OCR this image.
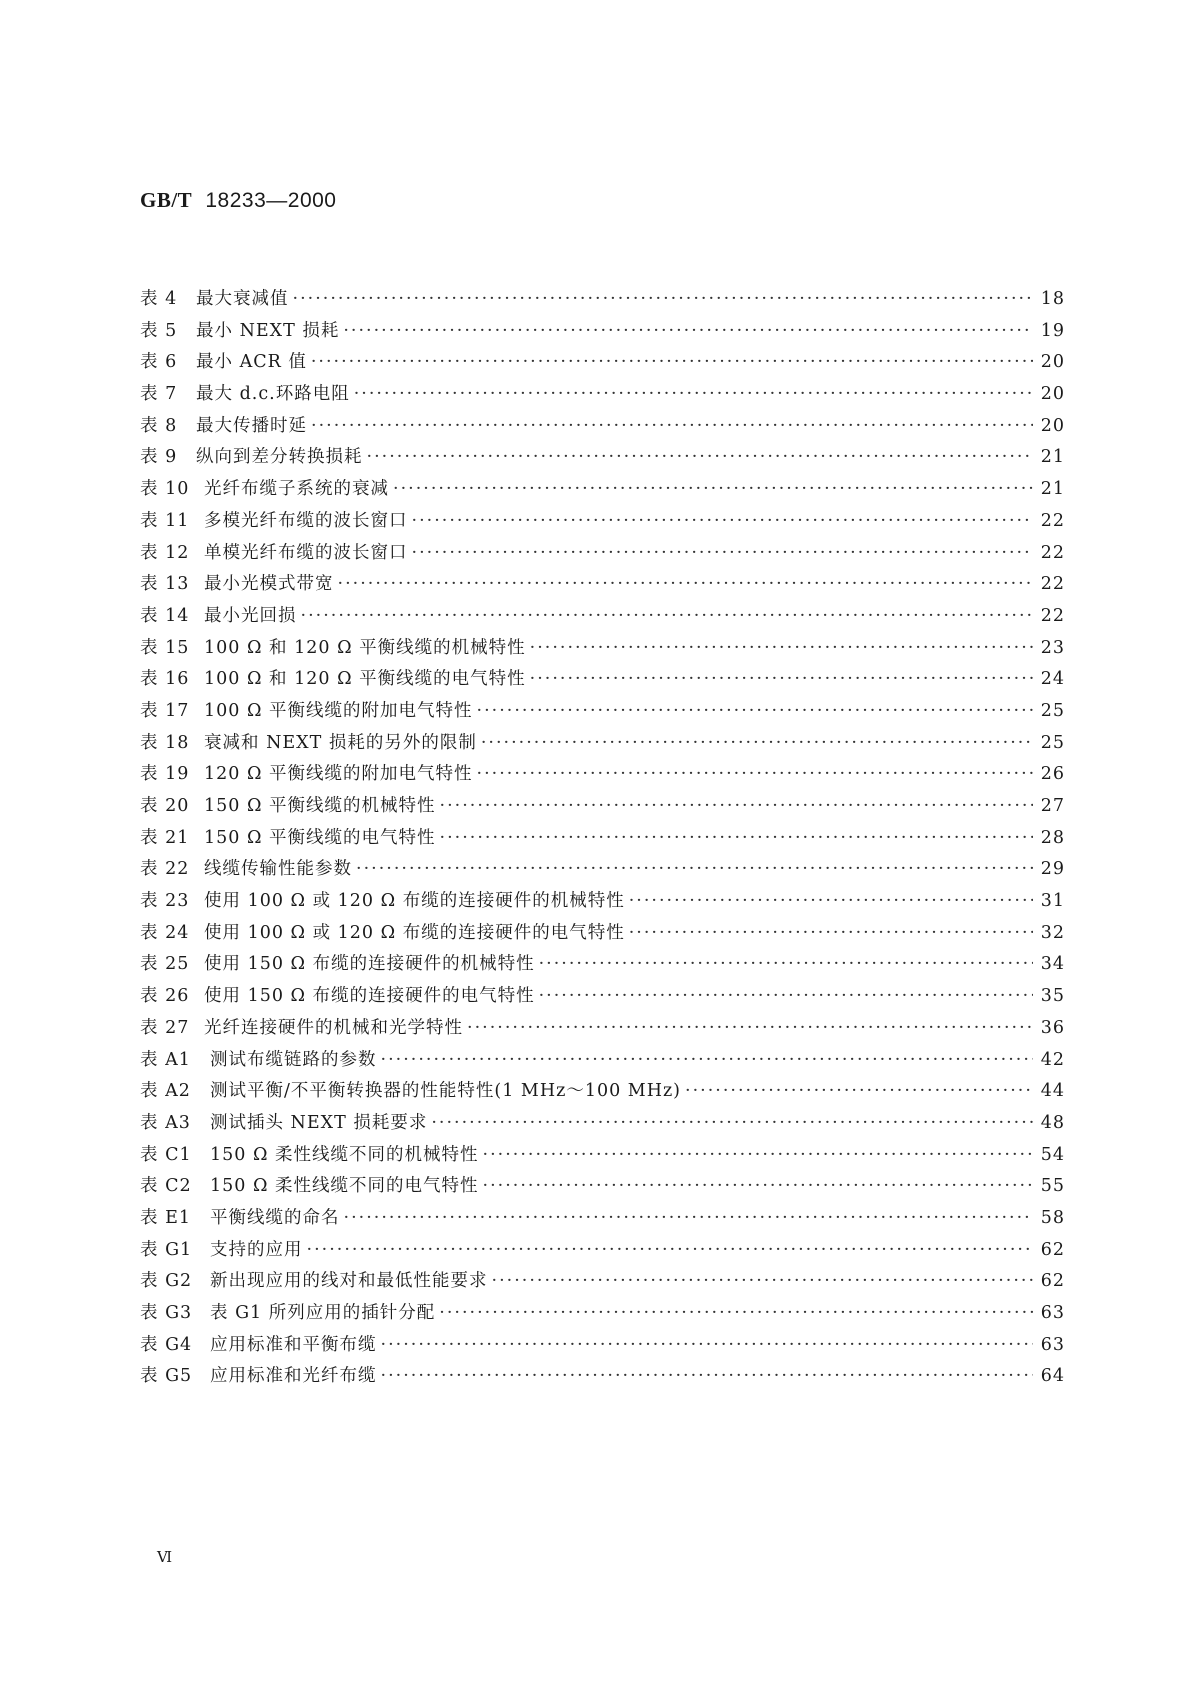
GB/T 18233—2000
表 4	最大衰减值 ·····	18
表 5	最小 NEXT 损耗 ·····	19
表 6	最小 ACR 值 ·····	20
表 7	最大 d.c.环路电阻 ·····	20
表 8	最大传播时延 ·····	20
表 9	纵向到差分转换损耗 ·····	21
表 10 光纤布缆子系统的衰减 ·····	21
表 11 多模光纤布缆的波长窗口 ·····	22
表 12 单模光纤布缆的波长窗口 ·····	22
表 13 最小光模式带宽 ·····	22
表 14 最小光回损 ·····	22
表 15 100 Ω 和 120 Ω 平衡线缆的机械特性 ·····	23
表 16 100 Ω 和 120 Ω 平衡线缆的电气特性 ·····	24
表 17 100 Ω 平衡线缆的附加电气特性 ·····	25
表 18 衰减和 NEXT 损耗的另外的限制 ·····	25
表 19 120 Ω 平衡线缆的附加电气特性 ·····	26
表 20 150 Ω 平衡线缆的机械特性 ·····	27
表 21 150 Ω 平衡线缆的电气特性 ·····	28
表 22 线缆传输性能参数 ·····	29
表 23 使用 100 Ω 或 120 Ω 布缆的连接硬件的机械特性 ·····	31
表 24 使用 100 Ω 或 120 Ω 布缆的连接硬件的电气特性 ·····	32
表 25 使用 150 Ω 布缆的连接硬件的机械特性 ·····	34
表 26 使用 150 Ω 布缆的连接硬件的电气特性 ·····	35
表 27 光纤连接硬件的机械和光学特性 ·····	36
表 A1	测试布缆链路的参数 ·····	42
表 A2	测试平衡/不平衡转换器的性能特性(1 MHz～100 MHz) ·····	44
表 A3	测试插头 NEXT 损耗要求 ·····	48
表 C1	150 Ω 柔性线缆不同的机械特性 ·····	54
表 C2	150 Ω 柔性线缆不同的电气特性 ·····	55
表 E1	平衡线缆的命名 ·····	58
表 G1	支持的应用 ·····	62
表 G2	新出现应用的线对和最低性能要求 ·····	62
表 G3	表 G1 所列应用的插针分配 ·····	63
表 G4	应用标准和平衡布缆 ·····	63
表 G5	应用标准和光纤布缆 ·····	64
Ⅵ
